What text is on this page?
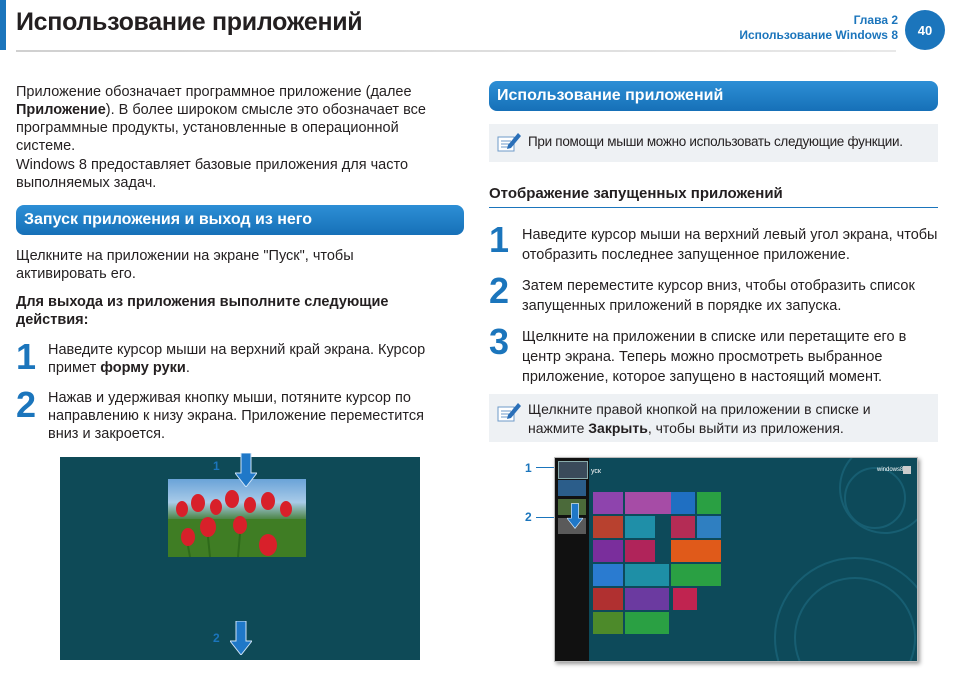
Использование приложений	Глава 2
Использование Windows 8	40
Приложение обозначает программное приложение (далее Приложение). В более широком смысле это обозначает все программные продукты, установленные в операционной системе.
Windows 8 предоставляет базовые приложения для часто выполняемых задач.
Запуск приложения и выход из него
Щелкните на приложении на экране "Пуск", чтобы активировать его.
Для выхода из приложения выполните следующие действия:
1 Наведите курсор мыши на верхний край экрана. Курсор примет форму руки.
2 Нажав и удерживая кнопку мыши, потяните курсор по направлению к низу экрана. Приложение переместится вниз и закроется.
1
2
Использование приложений
При помощи мыши можно использовать следующие функции.
Отображение запущенных приложений
1 Наведите курсор мыши на верхний левый угол экрана, чтобы отобразить последнее запущенное приложение.
2 Затем переместите курсор вниз, чтобы отобразить список запущенных приложений в порядке их запуска.
3 Щелкните на приложении в списке или перетащите его в центр экрана. Теперь можно просмотреть выбранное приложение, которое запущено в настоящий момент.
Щелкните правой кнопкой на приложении в списке и нажмите Закрыть, чтобы выйти из приложения.
1
2
уск	windows8
